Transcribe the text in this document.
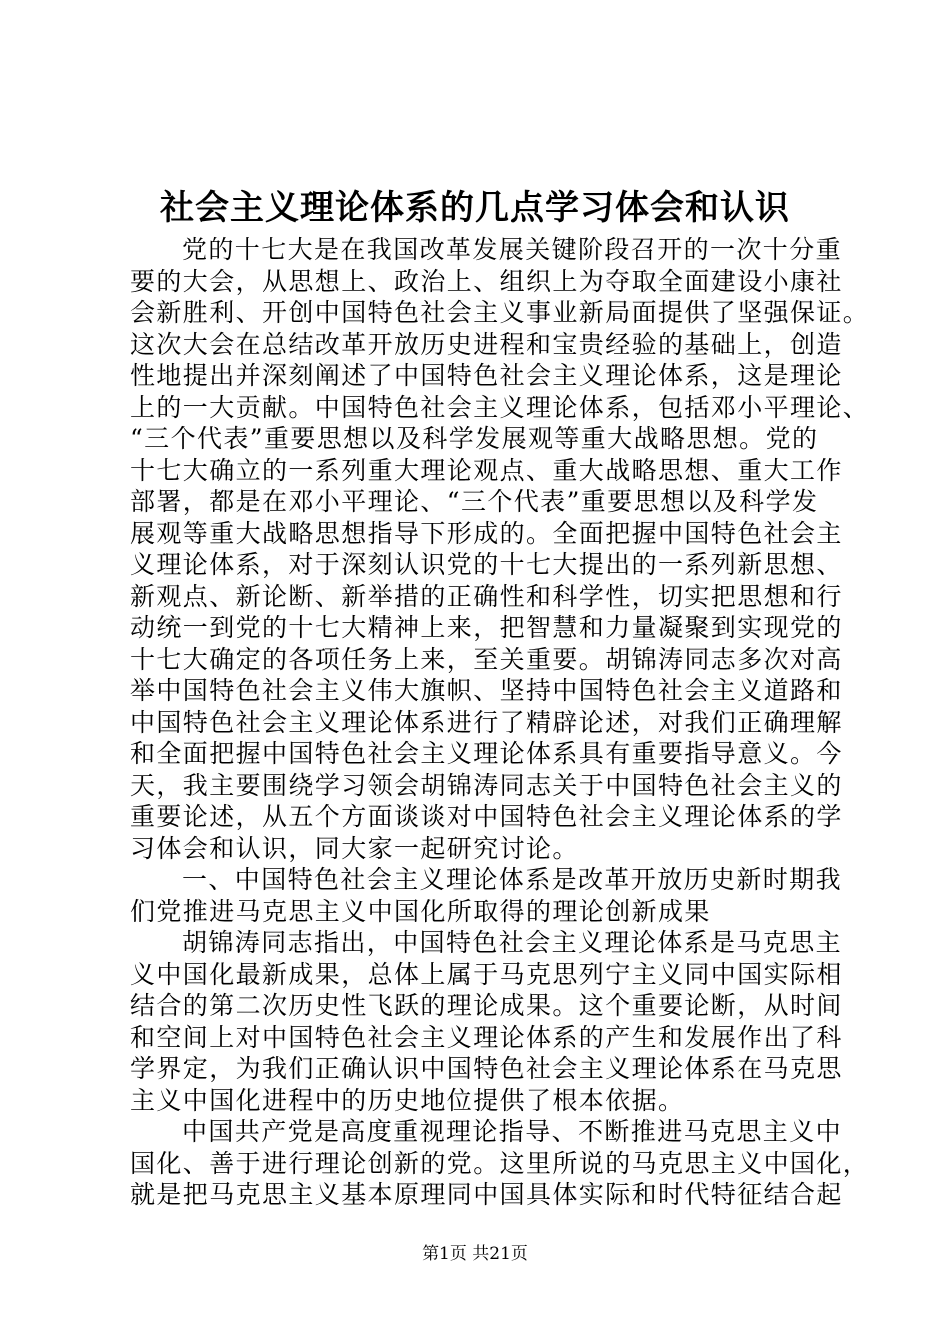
社会主义理论体系的几点学习体会和认识
党的十七大是在我国改革发展关键阶段召开的一次十分重
要的大会，从思想上、政治上、组织上为夺取全面建设小康社
会新胜利、开创中国特色社会主义事业新局面提供了坚强保证。
这次大会在总结改革开放历史进程和宝贵经验的基础上，创造
性地提出并深刻阐述了中国特色社会主义理论体系，这是理论
上的一大贡献。中国特色社会主义理论体系，包括邓小平理论、
“三个代表”重要思想以及科学发展观等重大战略思想。党的
十七大确立的一系列重大理论观点、重大战略思想、重大工作
部署，都是在邓小平理论、“三个代表”重要思想以及科学发
展观等重大战略思想指导下形成的。全面把握中国特色社会主
义理论体系，对于深刻认识党的十七大提出的一系列新思想、
新观点、新论断、新举措的正确性和科学性，切实把思想和行
动统一到党的十七大精神上来，把智慧和力量凝聚到实现党的
十七大确定的各项任务上来，至关重要。胡锦涛同志多次对高
举中国特色社会主义伟大旗帜、坚持中国特色社会主义道路和
中国特色社会主义理论体系进行了精辟论述，对我们正确理解
和全面把握中国特色社会主义理论体系具有重要指导意义。今
天，我主要围绕学习领会胡锦涛同志关于中国特色社会主义的
重要论述，从五个方面谈谈对中国特色社会主义理论体系的学
习体会和认识，同大家一起研究讨论。
一、中国特色社会主义理论体系是改革开放历史新时期我
们党推进马克思主义中国化所取得的理论创新成果
胡锦涛同志指出，中国特色社会主义理论体系是马克思主
义中国化最新成果，总体上属于马克思列宁主义同中国实际相
结合的第二次历史性飞跃的理论成果。这个重要论断，从时间
和空间上对中国特色社会主义理论体系的产生和发展作出了科
学界定，为我们正确认识中国特色社会主义理论体系在马克思
主义中国化进程中的历史地位提供了根本依据。
中国共产党是高度重视理论指导、不断推进马克思主义中
国化、善于进行理论创新的党。这里所说的马克思主义中国化，
就是把马克思主义基本原理同中国具体实际和时代特征结合起

第1页 共21页
